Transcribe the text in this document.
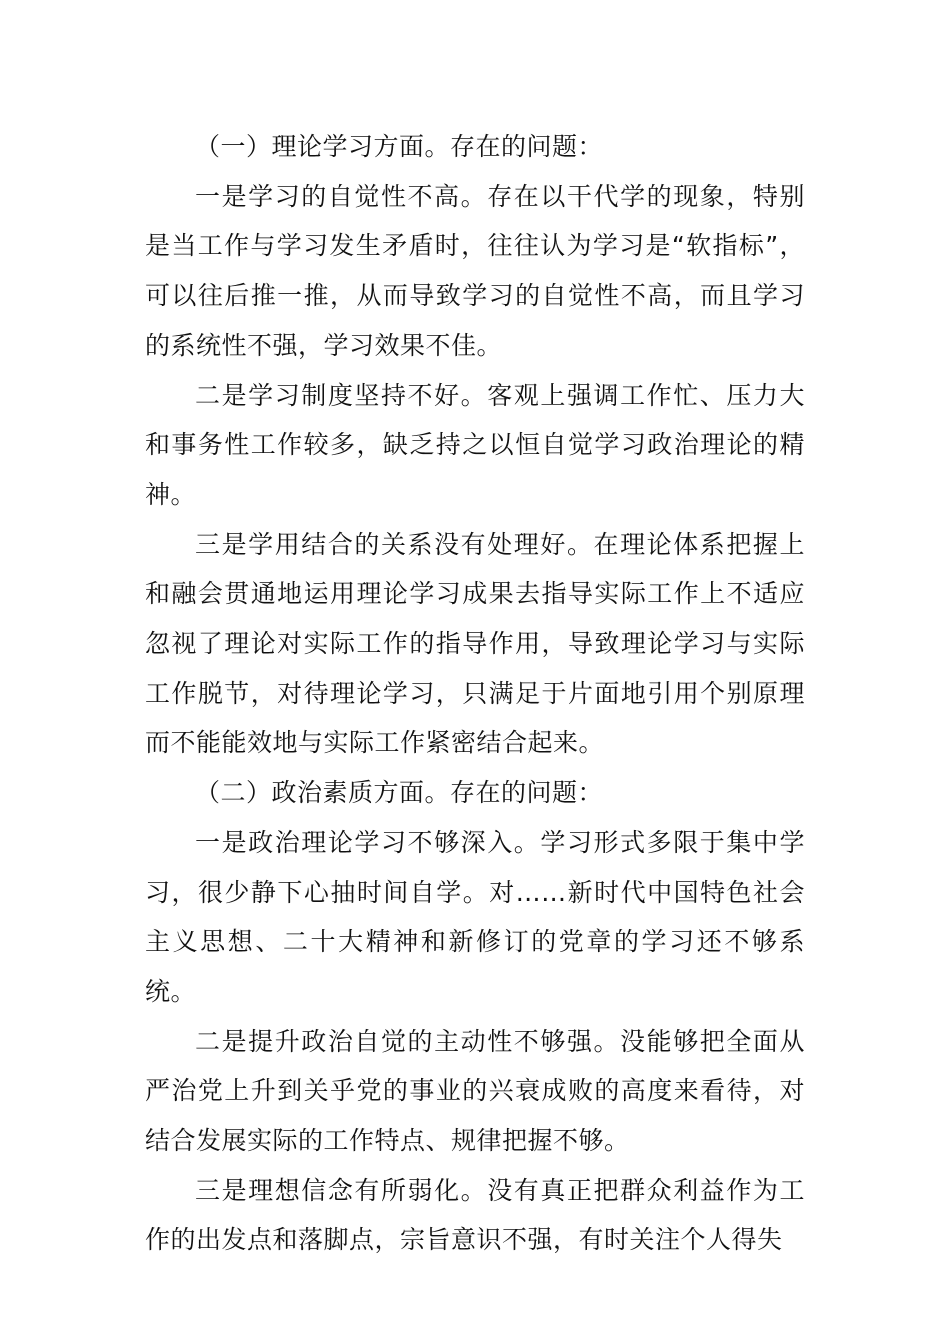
（一）理论学习方面。存在的问题：

一是学习的自觉性不高。存在以干代学的现象，特别是当工作与学习发生矛盾时，往往认为学习是“软指标”，可以往后推一推，从而导致学习的自觉性不高，而且学习的系统性不强，学习效果不佳。

二是学习制度坚持不好。客观上强调工作忙、压力大和事务性工作较多，缺乏持之以恒自觉学习政治理论的精神。

三是学用结合的关系没有处理好。在理论体系把握上和融会贯通地运用理论学习成果去指导实际工作上不适应忽视了理论对实际工作的指导作用，导致理论学习与实际工作脱节，对待理论学习，只满足于片面地引用个别原理而不能能效地与实际工作紧密结合起来。

（二）政治素质方面。存在的问题：

一是政治理论学习不够深入。学习形式多限于集中学习，很少静下心抽时间自学。对……新时代中国特色社会主义思想、二十大精神和新修订的党章的学习还不够系统。

二是提升政治自觉的主动性不够强。没能够把全面从严治党上升到关乎党的事业的兴衰成败的高度来看待，对结合发展实际的工作特点、规律把握不够。

三是理想信念有所弱化。没有真正把群众利益作为工作的出发点和落脚点，宗旨意识不强，有时关注个人得失
